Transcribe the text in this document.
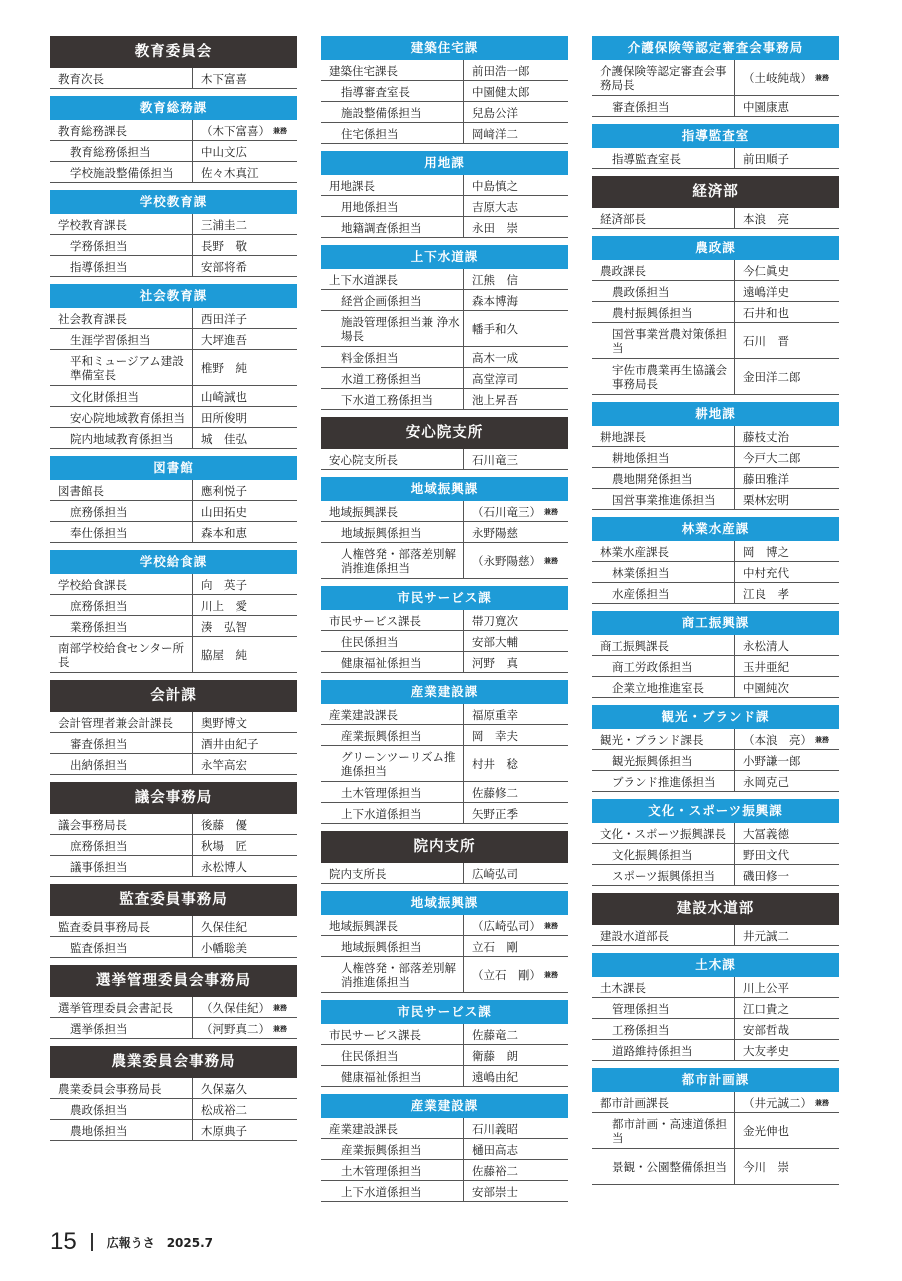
教育委員会
教育次長	木下富喜
教育総務課
教育総務課長	（木下富喜） 兼務
教育総務係担当	中山文広
学校施設整備係担当	佐々木真江
学校教育課
学校教育課長	三浦圭二
学務係担当	長野　敬
指導係担当	安部将希
社会教育課
社会教育課長	西田洋子
生涯学習係担当	大坪進吾
平和ミュージアム建設準備室長	椎野　純
文化財係担当	山崎誠也
安心院地域教育係担当	田所俊明
院内地域教育係担当	城　佳弘
図書館
図書館長	應利悦子
庶務係担当	山田拓史
奉仕係担当	森本和恵
学校給食課
学校給食課長	向　英子
庶務係担当	川上　愛
業務係担当	湊　弘智
南部学校給食センター所長	脇屋　純
会計課
会計管理者兼会計課長	奥野博文
審査係担当	酒井由紀子
出納係担当	永竿高宏
議会事務局
議会事務局長	後藤　優
庶務係担当	秋場　匠
議事係担当	永松博人
監査委員事務局
監査委員事務局長	久保佳紀
監査係担当	小幡聡美
選挙管理委員会事務局
選挙管理委員会書記長	（久保佳紀） 兼務
選挙係担当	（河野真二） 兼務
農業委員会事務局
農業委員会事務局長	久保嘉久
農政係担当	松成裕二
農地係担当	木原典子
建築住宅課
建築住宅課長	前田浩一郎
指導審査室長	中園健太郎
施設整備係担当	兒島公洋
住宅係担当	岡﨑洋二
用地課
用地課長	中島慎之
用地係担当	吉原大志
地籍調査係担当	永田　崇
上下水道課
上下水道課長	江熊　信
経営企画係担当	森本博海
施設管理係担当兼 浄水場長	幡手和久
料金係担当	高木一成
水道工務係担当	高堂淳司
下水道工務係担当	池上昇吾
安心院支所
安心院支所長	石川竜三
地域振興課
地域振興課長	（石川竜三） 兼務
地域振興係担当	永野陽慈
人権啓発・部落差別解消推進係担当	（永野陽慈） 兼務
市民サービス課
市民サービス課長	帯刀寛次
住民係担当	安部大輔
健康福祉係担当	河野　真
産業建設課
産業建設課長	福原重幸
産業振興係担当	岡　幸夫
グリーンツーリズム推進係担当	村井　稔
土木管理係担当	佐藤修二
上下水道係担当	矢野正季
院内支所
院内支所長	広崎弘司
地域振興課
地域振興課長	（広崎弘司） 兼務
地域振興係担当	立石　剛
人権啓発・部落差別解消推進係担当	（立石　剛） 兼務
市民サービス課
市民サービス課長	佐藤竜二
住民係担当	衛藤　朗
健康福祉係担当	遠嶋由紀
産業建設課
産業建設課長	石川義昭
産業振興係担当	樋田高志
土木管理係担当	佐藤裕二
上下水道係担当	安部崇士
介護保険等認定審査会事務局
介護保険等認定審査会事務局長	（土岐純哉） 兼務
審査係担当	中園康恵
指導監査室
指導監査室長	前田順子
経済部
経済部長	本浪　亮
農政課
農政課長	今仁眞史
農政係担当	遠嶋洋史
農村振興係担当	石井和也
国営事業営農対策係担当	石川　晋
宇佐市農業再生協議会事務局長	金田洋二郎
耕地課
耕地課長	藤枝丈治
耕地係担当	今戸大二郎
農地開発係担当	藤田雅洋
国営事業推進係担当	栗林宏明
林業水産課
林業水産課長	岡　博之
林業係担当	中村充代
水産係担当	江良　孝
商工振興課
商工振興課長	永松清人
商工労政係担当	玉井亜紀
企業立地推進室長	中園純次
観光・ブランド課
観光・ブランド課長	（本浪　亮） 兼務
観光振興係担当	小野謙一郎
ブランド推進係担当	永岡克己
文化・スポーツ振興課
文化・スポーツ振興課長	大冨義徳
文化振興係担当	野田文代
スポーツ振興係担当	磯田修一
建設水道部
建設水道部長	井元誠二
土木課
土木課長	川上公平
管理係担当	江口貴之
工務係担当	安部哲哉
道路維持係担当	大友孝史
都市計画課
都市計画課長	（井元誠二） 兼務
都市計画・高速道係担当	金光伸也
景観・公園整備係担当	今川　崇
15	広報うさ　2025.7
